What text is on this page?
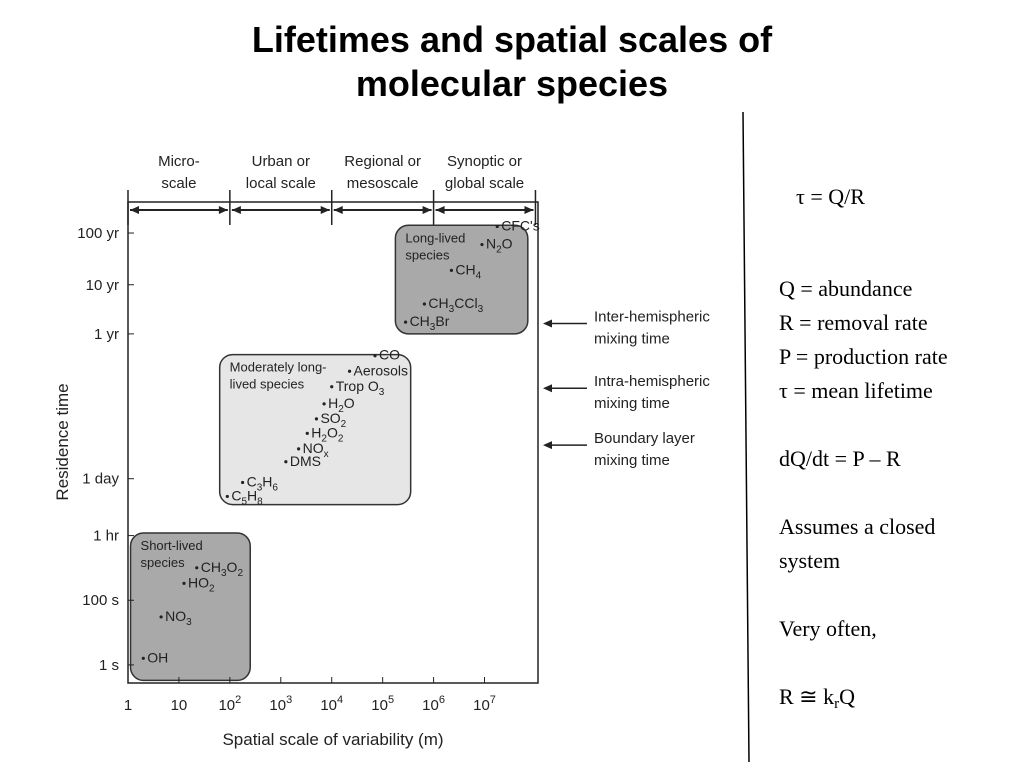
Lifetimes and spatial scales of
molecular species
Micro-
scale
Urban or
local scale
Regional or
mesoscale
Synoptic or
global scale
Long-lived
species
CFC's
$N_2O$
$CH_4$
$CH_3CCl_3$
$CH_3Br$
Moderately long-
lived species
CO
Aerosols
Trop $O_3$
$H_2O$
$SO_2$
$H_2O_2$
$NO_x$
DMS
$C_3H_6$
$C_5H_8$
Short-lived
species $CH_3O_2$
$HO_2$
$NO_3$
OH
1	10 $10^2$ $10^3$ $10^4$ $10^5$ $10^6$ $10^7$
1 s
100 s
1 hr
1 day
1 yr
10 yr
100 yr
Spatial scale of variability (m)
Residence time
Inter-hemispheric
mixing time
Intra-hemispheric
mixing time
Boundary layer
mixing time
τ = Q/R
Q = abundance
R = removal rate
P = production rate
τ = mean lifetime
dQ/dt = P – R
Assumes a closed
system
Very often,
R ≅ $k_rQ$
